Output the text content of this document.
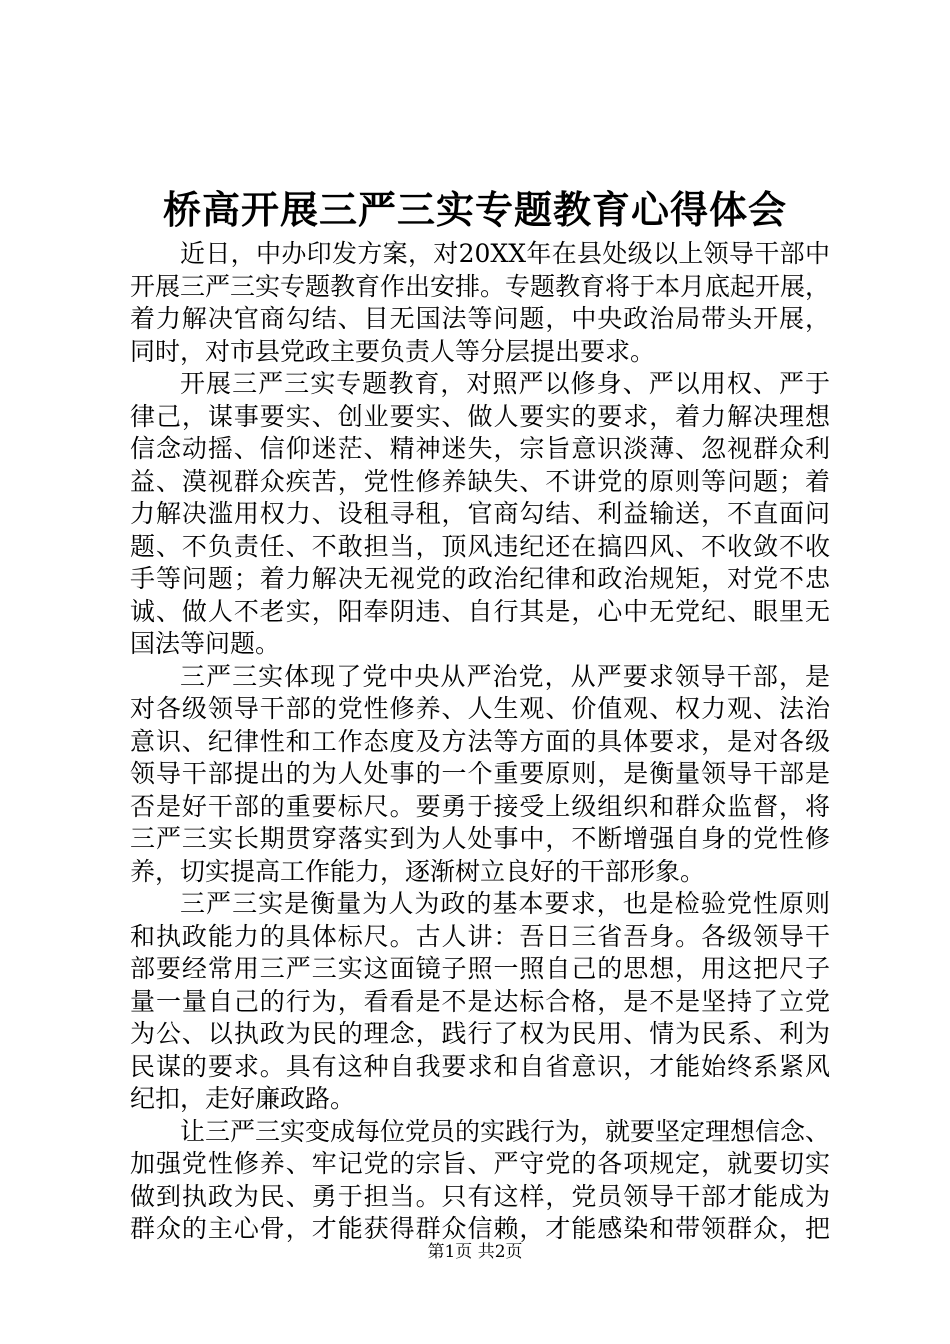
桥高开展三严三实专题教育心得体会
近日，中办印发方案，对20XX年在县处级以上领导干部中
开展三严三实专题教育作出安排。专题教育将于本月底起开展，
着力解决官商勾结、目无国法等问题，中央政治局带头开展，
同时，对市县党政主要负责人等分层提出要求。
开展三严三实专题教育，对照严以修身、严以用权、严于
律己，谋事要实、创业要实、做人要实的要求，着力解决理想
信念动摇、信仰迷茫、精神迷失，宗旨意识淡薄、忽视群众利
益、漠视群众疾苦，党性修养缺失、不讲党的原则等问题；着
力解决滥用权力、设租寻租，官商勾结、利益输送，不直面问
题、不负责任、不敢担当，顶风违纪还在搞四风、不收敛不收
手等问题；着力解决无视党的政治纪律和政治规矩，对党不忠
诚、做人不老实，阳奉阴违、自行其是，心中无党纪、眼里无
国法等问题。
三严三实体现了党中央从严治党，从严要求领导干部，是
对各级领导干部的党性修养、人生观、价值观、权力观、法治
意识、纪律性和工作态度及方法等方面的具体要求，是对各级
领导干部提出的为人处事的一个重要原则，是衡量领导干部是
否是好干部的重要标尺。要勇于接受上级组织和群众监督，将
三严三实长期贯穿落实到为人处事中，不断增强自身的党性修
养，切实提高工作能力，逐渐树立良好的干部形象。
三严三实是衡量为人为政的基本要求，也是检验党性原则
和执政能力的具体标尺。古人讲：吾日三省吾身。各级领导干
部要经常用三严三实这面镜子照一照自己的思想，用这把尺子
量一量自己的行为，看看是不是达标合格，是不是坚持了立党
为公、以执政为民的理念，践行了权为民用、情为民系、利为
民谋的要求。具有这种自我要求和自省意识，才能始终系紧风
纪扣，走好廉政路。
让三严三实变成每位党员的实践行为，就要坚定理想信念、
加强党性修养、牢记党的宗旨、严守党的各项规定，就要切实
做到执政为民、勇于担当。只有这样，党员领导干部才能成为
群众的主心骨，才能获得群众信赖，才能感染和带领群众，把
第1页 共2页
